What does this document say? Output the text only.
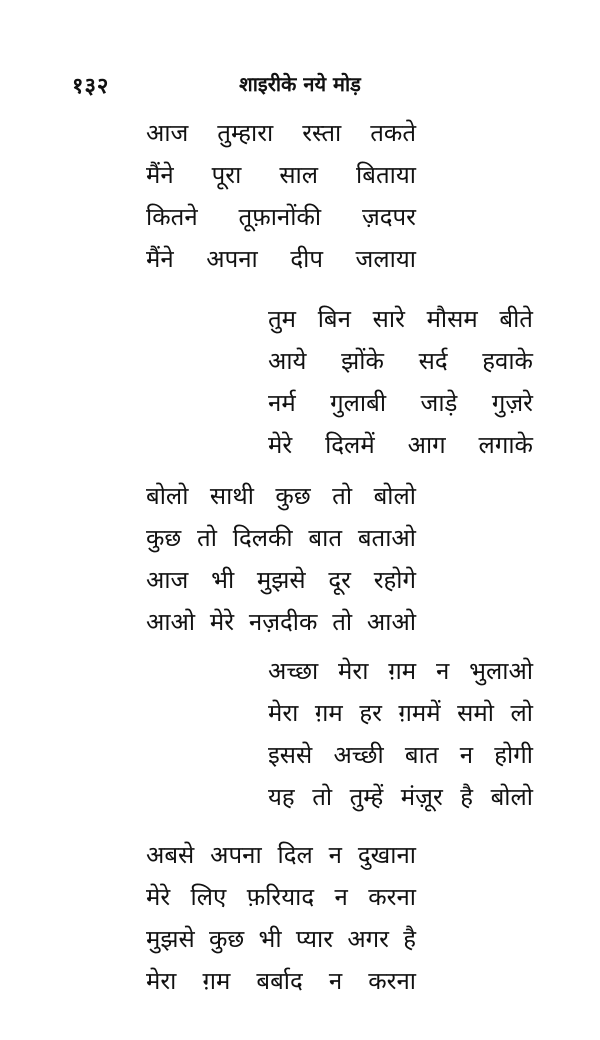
१३२	शाइरीके नये मोड़
आज तुम्हारा रस्ता तकते
मैंने पूरा साल बिताया
कितने तूफ़ानोंकी ज़दपर
मैंने अपना दीप जलाया
तुम बिन सारे मौसम बीते
आये झोंके सर्द हवाके
नर्म गुलाबी जाड़े गुज़रे
मेरे दिलमें आग लगाके
बोलो साथी कुछ तो बोलो
कुछ तो दिलकी बात बताओ
आज भी मुझसे दूर रहोगे
आओ मेरे नज़दीक तो आओ
अच्छा मेरा ग़म न भुलाओ
मेरा ग़म हर ग़ममें समो लो
इससे अच्छी बात न होगी
यह तो तुम्हें मंज़ूर है बोलो
अबसे अपना दिल न दुखाना
मेरे लिए फ़रियाद न करना
मुझसे कुछ भी प्यार अगर है
मेरा ग़म बर्बाद न करना
